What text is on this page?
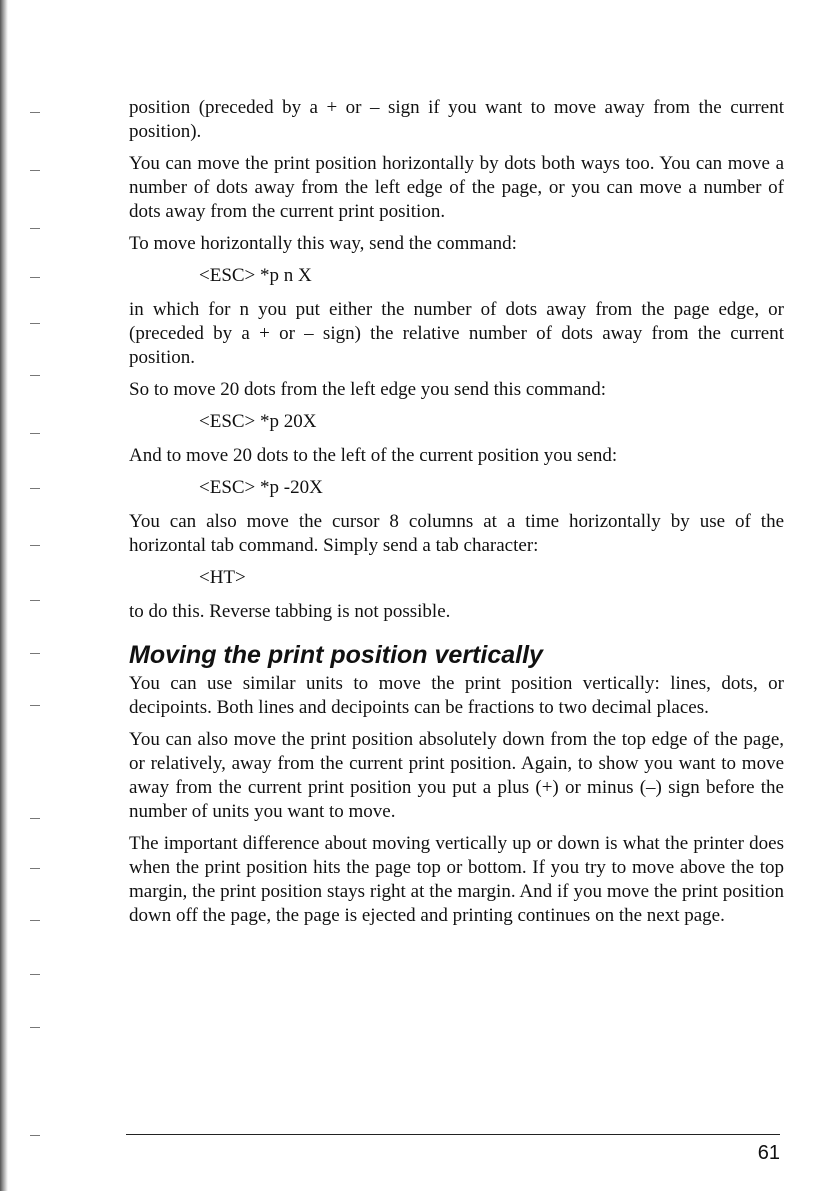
position (preceded by a + or – sign if you want to move away from the current position).

You can move the print position horizontally by dots both ways too. You can move a number of dots away from the left edge of the page, or you can move a number of dots away from the current print position.

To move horizontally this way, send the command:

<ESC> *p n X

in which for n you put either the number of dots away from the page edge, or (preceded by a + or – sign) the relative number of dots away from the current position.

So to move 20 dots from the left edge you send this command:

<ESC> *p 20X

And to move 20 dots to the left of the current position you send:

<ESC> *p -20X

You can also move the cursor 8 columns at a time horizontally by use of the horizontal tab command. Simply send a tab character:

<HT>

to do this. Reverse tabbing is not possible.

Moving the print position vertically

You can use similar units to move the print position vertically: lines, dots, or decipoints. Both lines and decipoints can be fractions to two decimal places.

You can also move the print position absolutely down from the top edge of the page, or relatively, away from the current print position. Again, to show you want to move away from the current print position you put a plus (+) or minus (–) sign before the number of units you want to move.

The important difference about moving vertically up or down is what the printer does when the print position hits the page top or bottom. If you try to move above the top margin, the print position stays right at the margin. And if you move the print position down off the page, the page is ejected and printing continues on the next page.

61
